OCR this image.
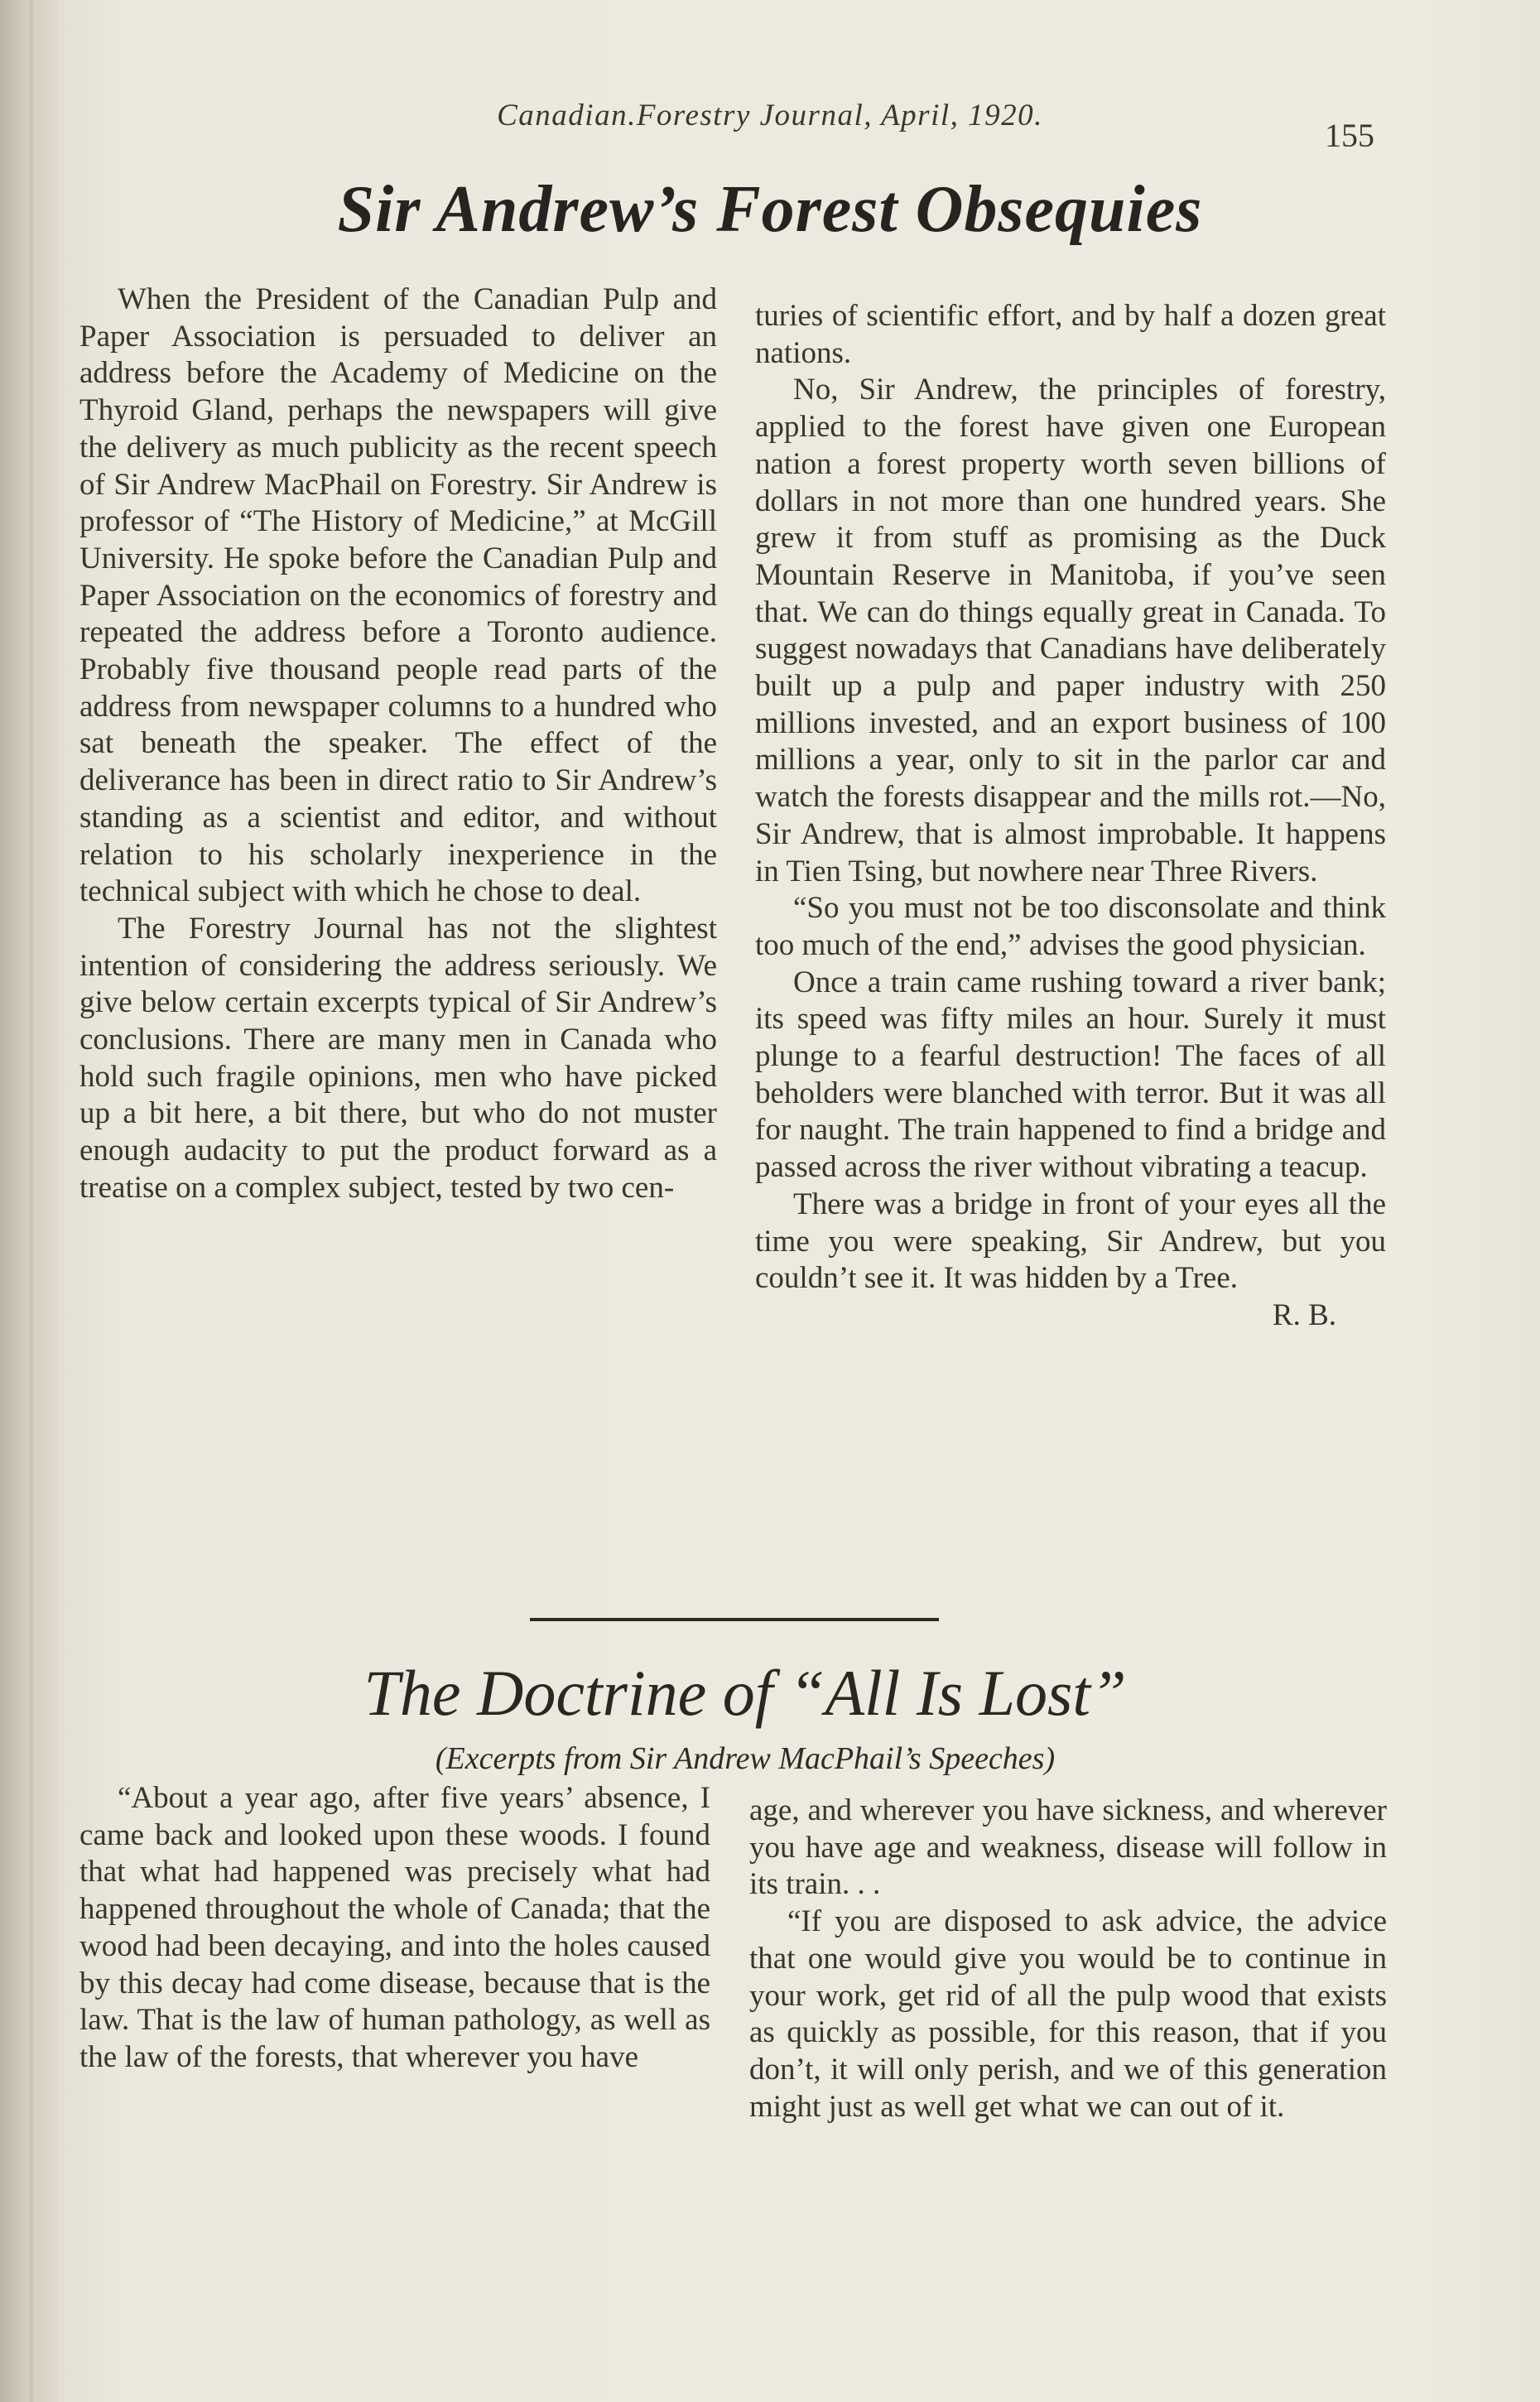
Canadian.Forestry Journal, April, 1920.
155
Sir Andrew’s Forest Obsequies

When the President of the Canadian Pulp and Paper Association is persuaded to deliver an address before the Academy of Medicine on the Thyroid Gland, perhaps the newspapers will give the delivery as much publicity as the recent speech of Sir Andrew MacPhail on Forestry. Sir Andrew is professor of “The History of Medicine,” at McGill University. He spoke before the Canadian Pulp and Paper Association on the economics of forestry and repeated the address before a Toronto audience. Probably five thousand people read parts of the address from newspaper columns to a hundred who sat beneath the speaker. The effect of the deliverance has been in direct ratio to Sir Andrew’s standing as a scientist and editor, and without relation to his scholarly inexperience in the technical subject with which he chose to deal.

The Forestry Journal has not the slightest intention of considering the address seriously. We give below certain excerpts typical of Sir Andrew’s conclusions. There are many men in Canada who hold such fragile opinions, men who have picked up a bit here, a bit there, but who do not muster enough audacity to put the product forward as a treatise on a complex subject, tested by two cen-

turies of scientific effort, and by half a dozen great nations.

No, Sir Andrew, the principles of forestry, applied to the forest have given one European nation a forest property worth seven billions of dollars in not more than one hundred years. She grew it from stuff as promising as the Duck Mountain Reserve in Manitoba, if you’ve seen that. We can do things equally great in Canada. To suggest nowadays that Canadians have deliberately built up a pulp and paper industry with 250 millions invested, and an export business of 100 millions a year, only to sit in the parlor car and watch the forests disappear and the mills rot.—No, Sir Andrew, that is almost improbable. It happens in Tien Tsing, but nowhere near Three Rivers.

“So you must not be too disconsolate and think too much of the end,” advises the good physician.

Once a train came rushing toward a river bank; its speed was fifty miles an hour. Surely it must plunge to a fearful destruction! The faces of all beholders were blanched with terror. But it was all for naught. The train happened to find a bridge and passed across the river without vibrating a teacup.

There was a bridge in front of your eyes all the time you were speaking, Sir Andrew, but you couldn’t see it. It was hidden by a Tree.
R. B.

The Doctrine of “All Is Lost”
(Excerpts from Sir Andrew MacPhail’s Speeches)

“About a year ago, after five years’ absence, I came back and looked upon these woods. I found that what had happened was precisely what had happened throughout the whole of Canada; that the wood had been decaying, and into the holes caused by this decay had come disease, because that is the law. That is the law of human pathology, as well as the law of the forests, that wherever you have

age, and wherever you have sickness, and wherever you have age and weakness, disease will follow in its train. . .

“If you are disposed to ask advice, the advice that one would give you would be to continue in your work, get rid of all the pulp wood that exists as quickly as possible, for this reason, that if you don’t, it will only perish, and we of this generation might just as well get what we can out of it.
